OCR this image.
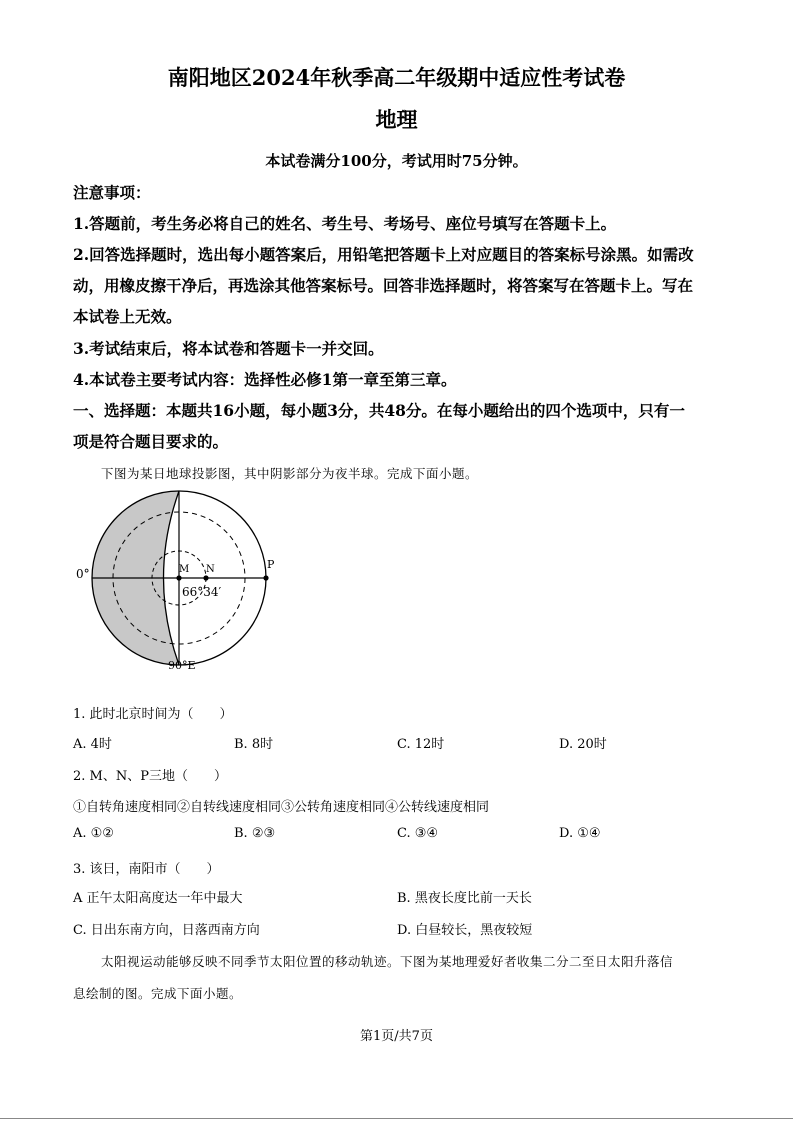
南阳地区2024年秋季高二年级期中适应性考试卷
地理
本试卷满分100分，考试用时75分钟。
注意事项：
1.答题前，考生务必将自己的姓名、考生号、考场号、座位号填写在答题卡上。
2.回答选择题时，选出每小题答案后，用铅笔把答题卡上对应题目的答案标号涂黑。如需改
动，用橡皮擦干净后，再选涂其他答案标号。回答非选择题时，将答案写在答题卡上。写在
本试卷上无效。
3.考试结束后，将本试卷和答题卡一并交回。
4.本试卷主要考试内容：选择性必修1第一章至第三章。
一、选择题：本题共16小题，每小题3分，共48分。在每小题给出的四个选项中，只有一
项是符合题目要求的。
下图为某日地球投影图，其中阴影部分为夜半球。完成下面小题。
0°
90°E
M N	P
66°34′
1. 此时北京时间为（　　）
A. 4时	B. 8时	C. 12时	D. 20时
2. M、N、P三地（　　）
①自转角速度相同②自转线速度相同③公转角速度相同④公转线速度相同
A. ①②	B. ②③	C. ③④	D. ①④
3. 该日，南阳市（　　）
A 正午太阳高度达一年中最大	B. 黑夜长度比前一天长
C. 日出东南方向，日落西南方向	D. 白昼较长，黑夜较短
太阳视运动能够反映不同季节太阳位置的移动轨迹。下图为某地理爱好者收集二分二至日太阳升落信
息绘制的图。完成下面小题。
第1页/共7页
